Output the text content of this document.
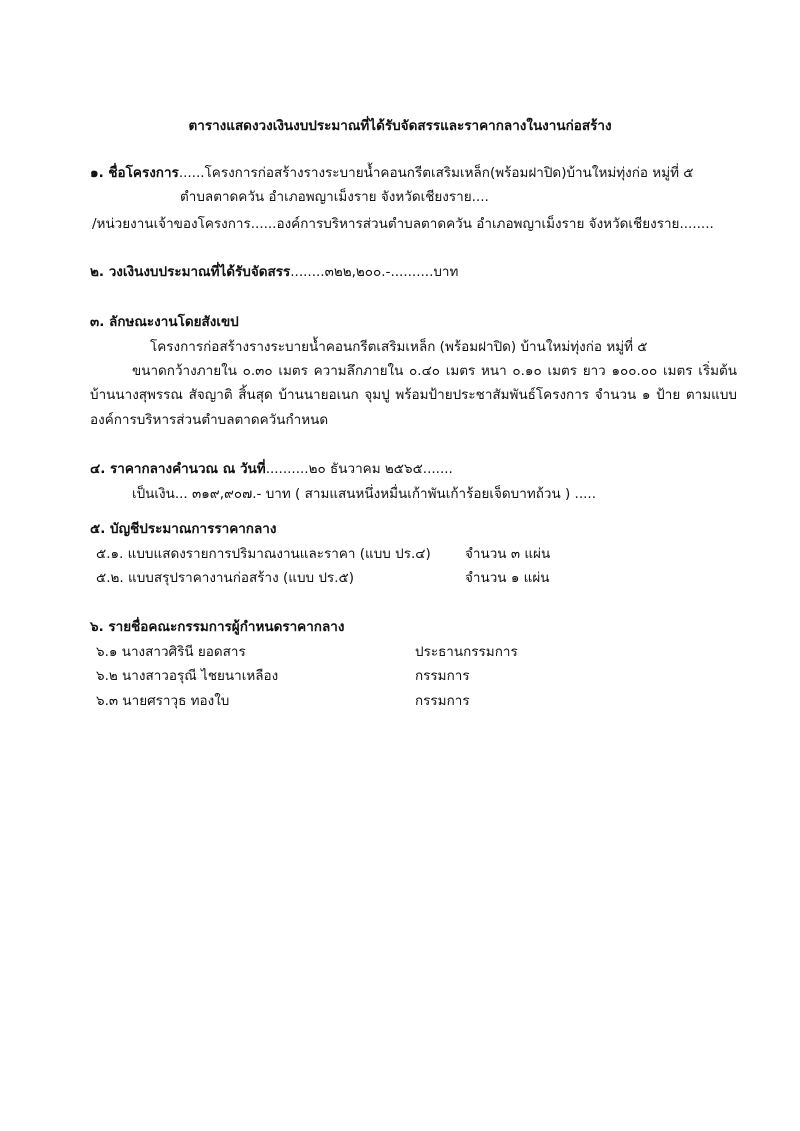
ตารางแสดงวงเงินงบประมาณที่ได้รับจัดสรรและราคากลางในงานก่อสร้าง
๑. ชื่อโครงการ......โครงการก่อสร้างรางระบายน้ำคอนกรีตเสริมเหล็ก(พร้อมฝาปิด)บ้านใหม่ทุ่งก่อ หมู่ที่ ๕
ตำบลตาดควัน อำเภอพญาเม็งราย จังหวัดเชียงราย....
/หน่วยงานเจ้าของโครงการ......องค์การบริหารส่วนตำบลตาดควัน อำเภอพญาเม็งราย จังหวัดเชียงราย........
๒. วงเงินงบประมาณที่ได้รับจัดสรร........๓๒๒,๒๐๐.-..........บาท
๓. ลักษณะงานโดยสังเขป
โครงการก่อสร้างรางระบายน้ำคอนกรีตเสริมเหล็ก (พร้อมฝาปิด) บ้านใหม่ทุ่งก่อ หมู่ที่ ๕
ขนาดกว้างภายใน ๐.๓๐ เมตร ความลึกภายใน ๐.๔๐ เมตร หนา ๐.๑๐ เมตร ยาว ๑๐๐.๐๐ เมตร เริ่มต้น
บ้านนางสุพรรณ สัจญาติ สิ้นสุด บ้านนายอเนก จุมปู พร้อมป้ายประชาสัมพันธ์โครงการ จำนวน ๑ ป้าย ตามแบบ
องค์การบริหารส่วนตำบลตาดควันกำหนด
๔. ราคากลางคำนวณ ณ วันที่..........๒๐ ธันวาคม ๒๕๖๕.......
เป็นเงิน... ๓๑๙,๙๐๗.- บาท ( สามแสนหนึ่งหมื่นเก้าพันเก้าร้อยเจ็ดบาทถ้วน ) .....
๕. บัญชีประมาณการราคากลาง
๕.๑. แบบแสดงรายการปริมาณงานและราคา (แบบ ปร.๔)	จำนวน ๓ แผ่น
๕.๒. แบบสรุปราคางานก่อสร้าง (แบบ ปร.๕)	จำนวน ๑ แผ่น
๖. รายชื่อคณะกรรมการผู้กำหนดราคากลาง
๖.๑ นางสาวศิรินี ยอดสาร	ประธานกรรมการ
๖.๒ นางสาวอรุณี ไชยนาเหลือง	กรรมการ
๖.๓ นายศราวุธ ทองใบ	กรรมการ
